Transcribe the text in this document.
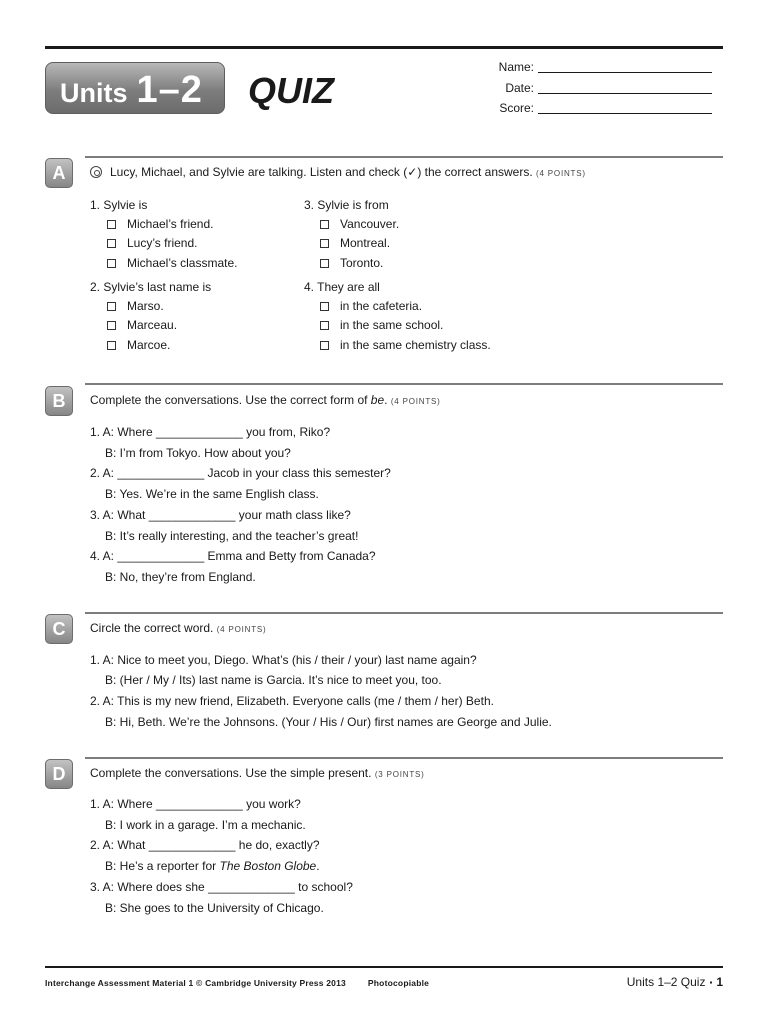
Units 1–2 QUIZ
Name:
Date:
Score:
A	Lucy, Michael, and Sylvie are talking. Listen and check (✓) the correct answers. (4 POINTS)
1. Sylvie is
Michael’s friend.
Lucy’s friend.
Michael’s classmate.
2. Sylvie’s last name is
Marso.
Marceau.
Marcoe.
3. Sylvie is from
Vancouver.
Montreal.
Toronto.
4. They are all
in the cafeteria.
in the same school.
in the same chemistry class.
B	Complete the conversations. Use the correct form of be. (4 POINTS)
1. A: Where _____________ you from, Riko?
B: I’m from Tokyo. How about you?
2. A: _____________ Jacob in your class this semester?
B: Yes. We’re in the same English class.
3. A: What _____________ your math class like?
B: It’s really interesting, and the teacher’s great!
4. A: _____________ Emma and Betty from Canada?
B: No, they’re from England.
C	Circle the correct word. (4 POINTS)
1. A: Nice to meet you, Diego. What’s (his / their / your) last name again?
B: (Her / My / Its) last name is Garcia. It’s nice to meet you, too.
2. A: This is my new friend, Elizabeth. Everyone calls (me / them / her) Beth.
B: Hi, Beth. We’re the Johnsons. (Your / His / Our) first names are George and Julie.
D	Complete the conversations. Use the simple present. (3 POINTS)
1. A: Where _____________ you work?
B: I work in a garage. I’m a mechanic.
2. A: What _____________ he do, exactly?
B: He’s a reporter for The Boston Globe.
3. A: Where does she _____________ to school?
B: She goes to the University of Chicago.
Interchange Assessment Material 1 © Cambridge University Press 2013	Photocopiable	Units 1–2 Quiz ▪ 1
